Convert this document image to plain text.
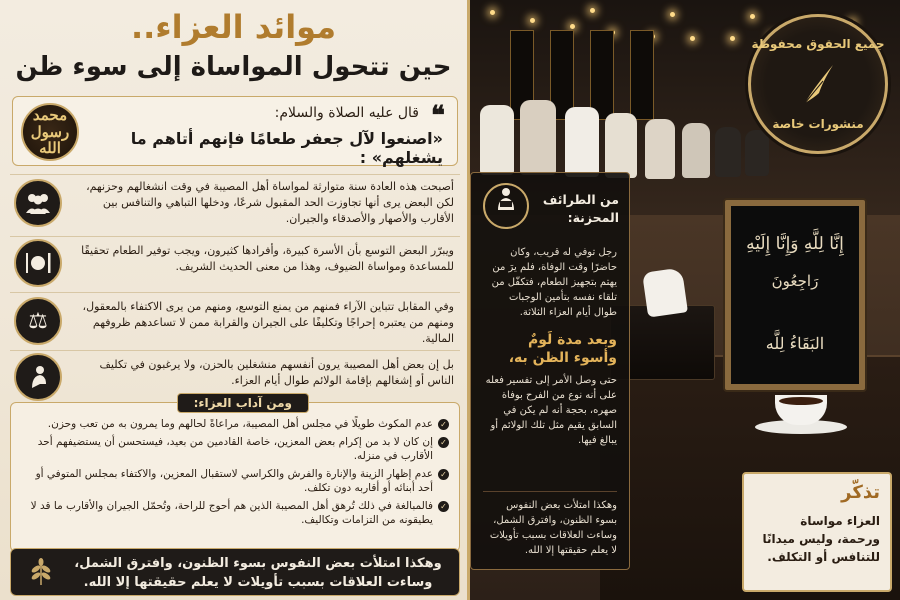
موائد العزاء..
حين تتحول المواساة إلى سوء ظن
❝
قال عليه الصلاة والسلام:
«اصنعوا لآل جعفر طعامًا فإنهم أتاهم ما يشغلهم» :
محمد
رسول الله
أصبحت هذه العادة سنة متوارثة لمواساة أهل المصيبة في وقت انشغالهم وحزنهم، لكن البعض يرى أنها تجاوزت الحد المقبول شرعًا، ودخلها التباهي والتنافس بين الأقارب والأصهار والأصدقاء والجيران.
ويبرّر البعض التوسع بأن الأسرة كبيرة، وأفرادها كثيرون، ويجب توفير الطعام تحقيقًا للمساعدة ومواساة الضيوف، وهذا من معنى الحديث الشريف.
⚖
وفي المقابل تتباين الآراء فمنهم من يمنع التوسع، ومنهم من يرى الاكتفاء بالمعقول، ومنهم من يعتبره إحراجًا وتكليفًا على الجيران والقرابة ممن لا تساعدهم ظروفهم المالية.
بل إن بعض أهل المصيبة يرون أنفسهم منشغلين بالحزن، ولا يرغبون في تكليف الناس أو إشغالهم بإقامة الولائم طوال أيام العزاء.
ومن آداب العزاء:
✓
عدم المكوث طويلًا في مجلس أهل المصيبة، مراعاةً لحالهم وما يمرون به من تعب وحزن.
✓
إن كان لا بد من إكرام بعض المعزين، خاصة القادمين من بعيد، فيستحسن أن يستضيفهم أحد الأقارب في منزله.
✓
عدم إظهار الزينة والإنارة والفرش والكراسي لاستقبال المعزين، والاكتفاء بمجلس المتوفي أو أحد أبنائه أو أقاربه دون تكلف.
✓
فالمبالغة في ذلك تُرهق أهل المصيبة الذين هم أحوج للراحة، وتُحمّل الجيران والأقارب ما قد لا يطيقونه من التزامات وتكاليف.
وهكذا امتلأت بعض النفوس بسوء الظنون، وافترق الشمل، وساءت العلاقات بسبب تأويلات لا يعلم حقيقتها إلا الله.
إِنَّا لِلَّهِ وَإِنَّا إِلَيْهِ
رَاجِعُونَ
البَقَاءُ لِلَّه
من الطرائف المحزنة:
رجل توفي له قريب، وكان حاضرًا وقت الوفاة، فلم يرَ من يهتم بتجهيز الطعام، فتكفّل من تلقاء نفسه بتأمين الوجبات طوال أيام العزاء الثلاثة.
وبعد مدة لَومٌ وأسوء الظن به،
حتى وصل الأمر إلى تفسير فعله على أنه نوع من الفرح بوفاة صهره، بحجة أنه لم يكن في السابق يقيم مثل تلك الولائم أو يبالغ فيها.
وهكذا امتلأت بعض النفوس بسوء الظنون، وافترق الشمل، وساءت العلاقات بسبب تأويلات لا يعلم حقيقتها إلا الله.
جميع الحقوق محفوظة
منشورات خاصة
تذكّر
العزاء مواساة ورحمة، وليس ميدانًا للتنافس أو التكلف.
